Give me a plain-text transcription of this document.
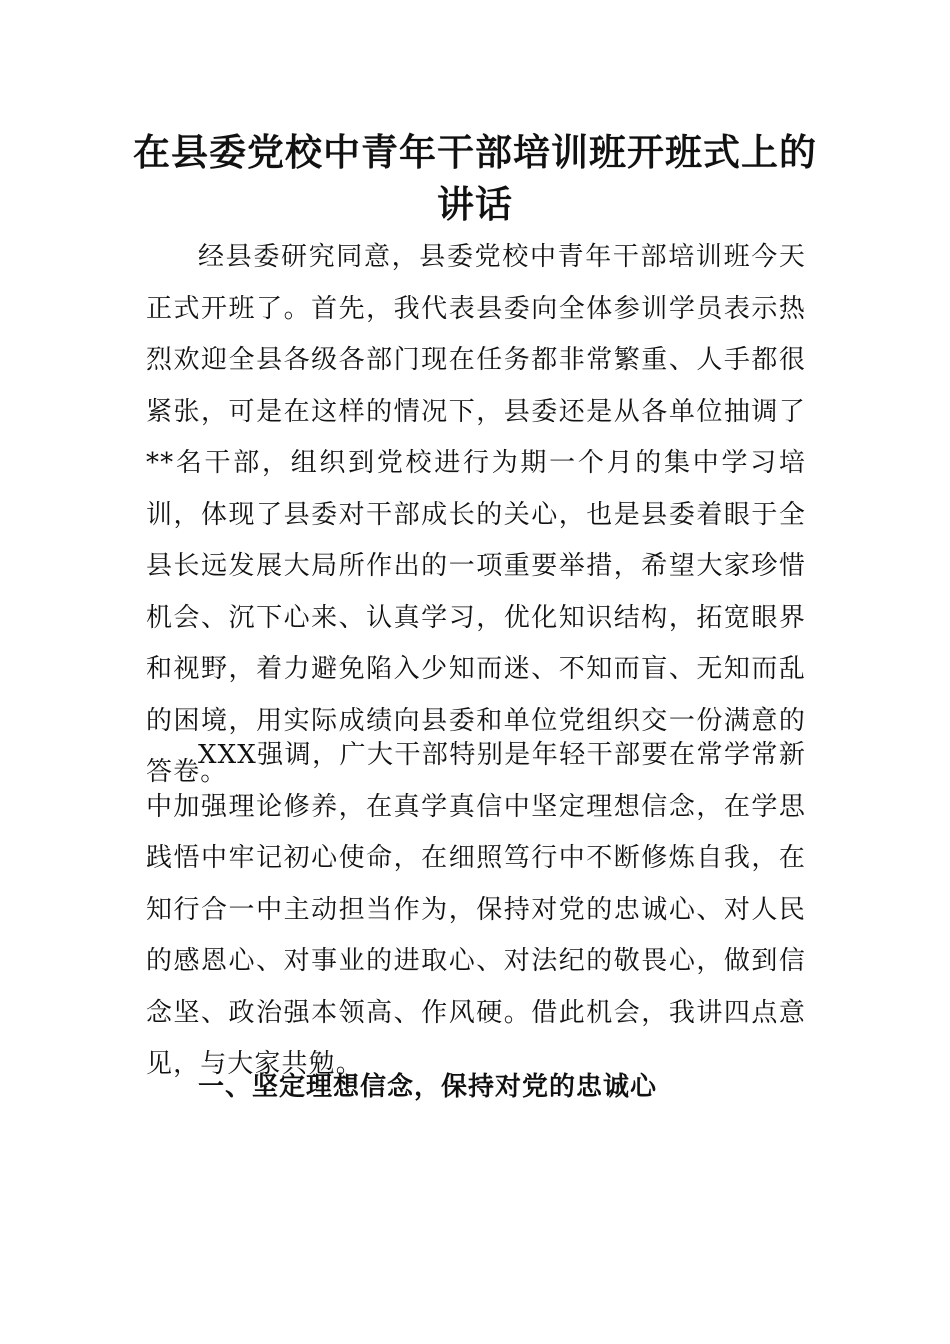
在县委党校中青年干部培训班开班式上的讲话

经县委研究同意，县委党校中青年干部培训班今天正式开班了。首先，我代表县委向全体参训学员表示热烈欢迎全县各级各部门现在任务都非常繁重、人手都很紧张，可是在这样的情况下，县委还是从各单位抽调了**名干部，组织到党校进行为期一个月的集中学习培训，体现了县委对干部成长的关心，也是县委着眼于全县长远发展大局所作出的一项重要举措，希望大家珍惜机会、沉下心来、认真学习，优化知识结构，拓宽眼界和视野，着力避免陷入少知而迷、不知而盲、无知而乱的困境，用实际成绩向县委和单位党组织交一份满意的答卷。

XXX强调，广大干部特别是年轻干部要在常学常新中加强理论修养，在真学真信中坚定理想信念，在学思践悟中牢记初心使命，在细照笃行中不断修炼自我，在知行合一中主动担当作为，保持对党的忠诚心、对人民的感恩心、对事业的进取心、对法纪的敬畏心，做到信念坚、政治强本领高、作风硬。借此机会，我讲四点意见，与大家共勉。

一、坚定理想信念，保持对党的忠诚心
